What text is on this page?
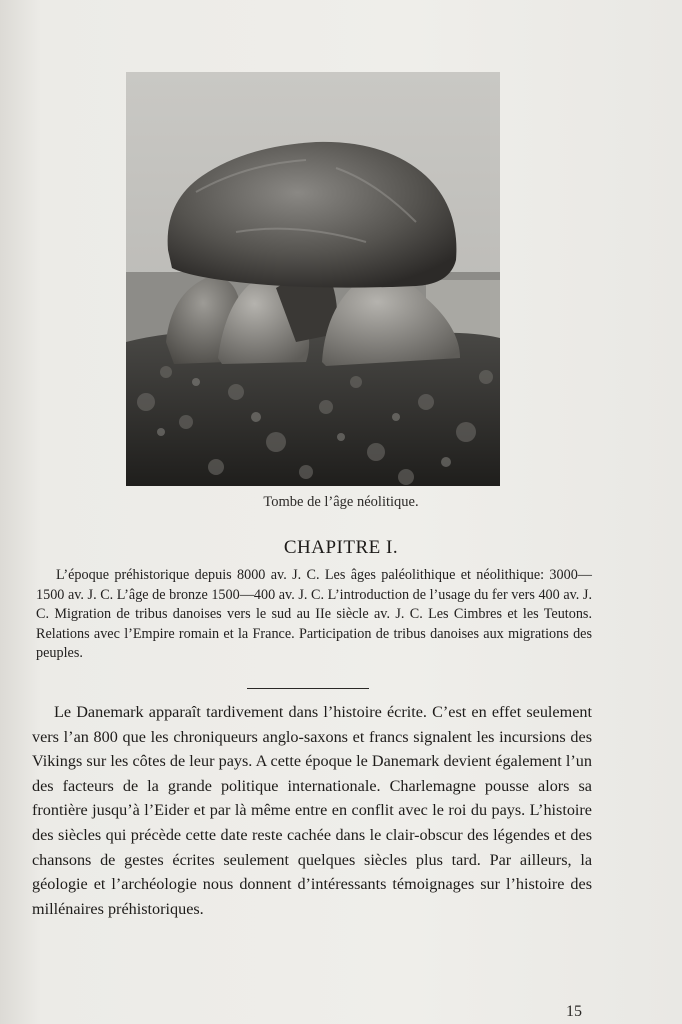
Tombe de l’âge néolitique.
CHAPITRE I.

L’époque préhistorique depuis 8000 av. J. C. Les âges paléolithique et néolithique: 3000—1500 av. J. C. L’âge de bronze 1500—400 av. J. C. L’introduction de l’usage du fer vers 400 av. J. C. Migration de tribus danoises vers le sud au IIe siècle av. J. C. Les Cimbres et les Teutons. Relations avec l’Empire romain et la France. Participation de tribus danoises aux migrations des peuples.

Le Danemark apparaît tardivement dans l’histoire écrite. C’est en effet seulement vers l’an 800 que les chroniqueurs anglo-saxons et francs signalent les incursions des Vikings sur les côtes de leur pays. A cette époque le Danemark devient également l’un des facteurs de la grande politique internationale. Charlemagne pousse alors sa frontière jusqu’à l’Eider et par là même entre en conflit avec le roi du pays. L’histoire des siècles qui précède cette date reste cachée dans le clair-obscur des légendes et des chansons de gestes écrites seulement quelques siècles plus tard. Par ailleurs, la géologie et l’archéologie nous donnent d’intéressants témoignages sur l’histoire des millénaires préhistoriques.

15
